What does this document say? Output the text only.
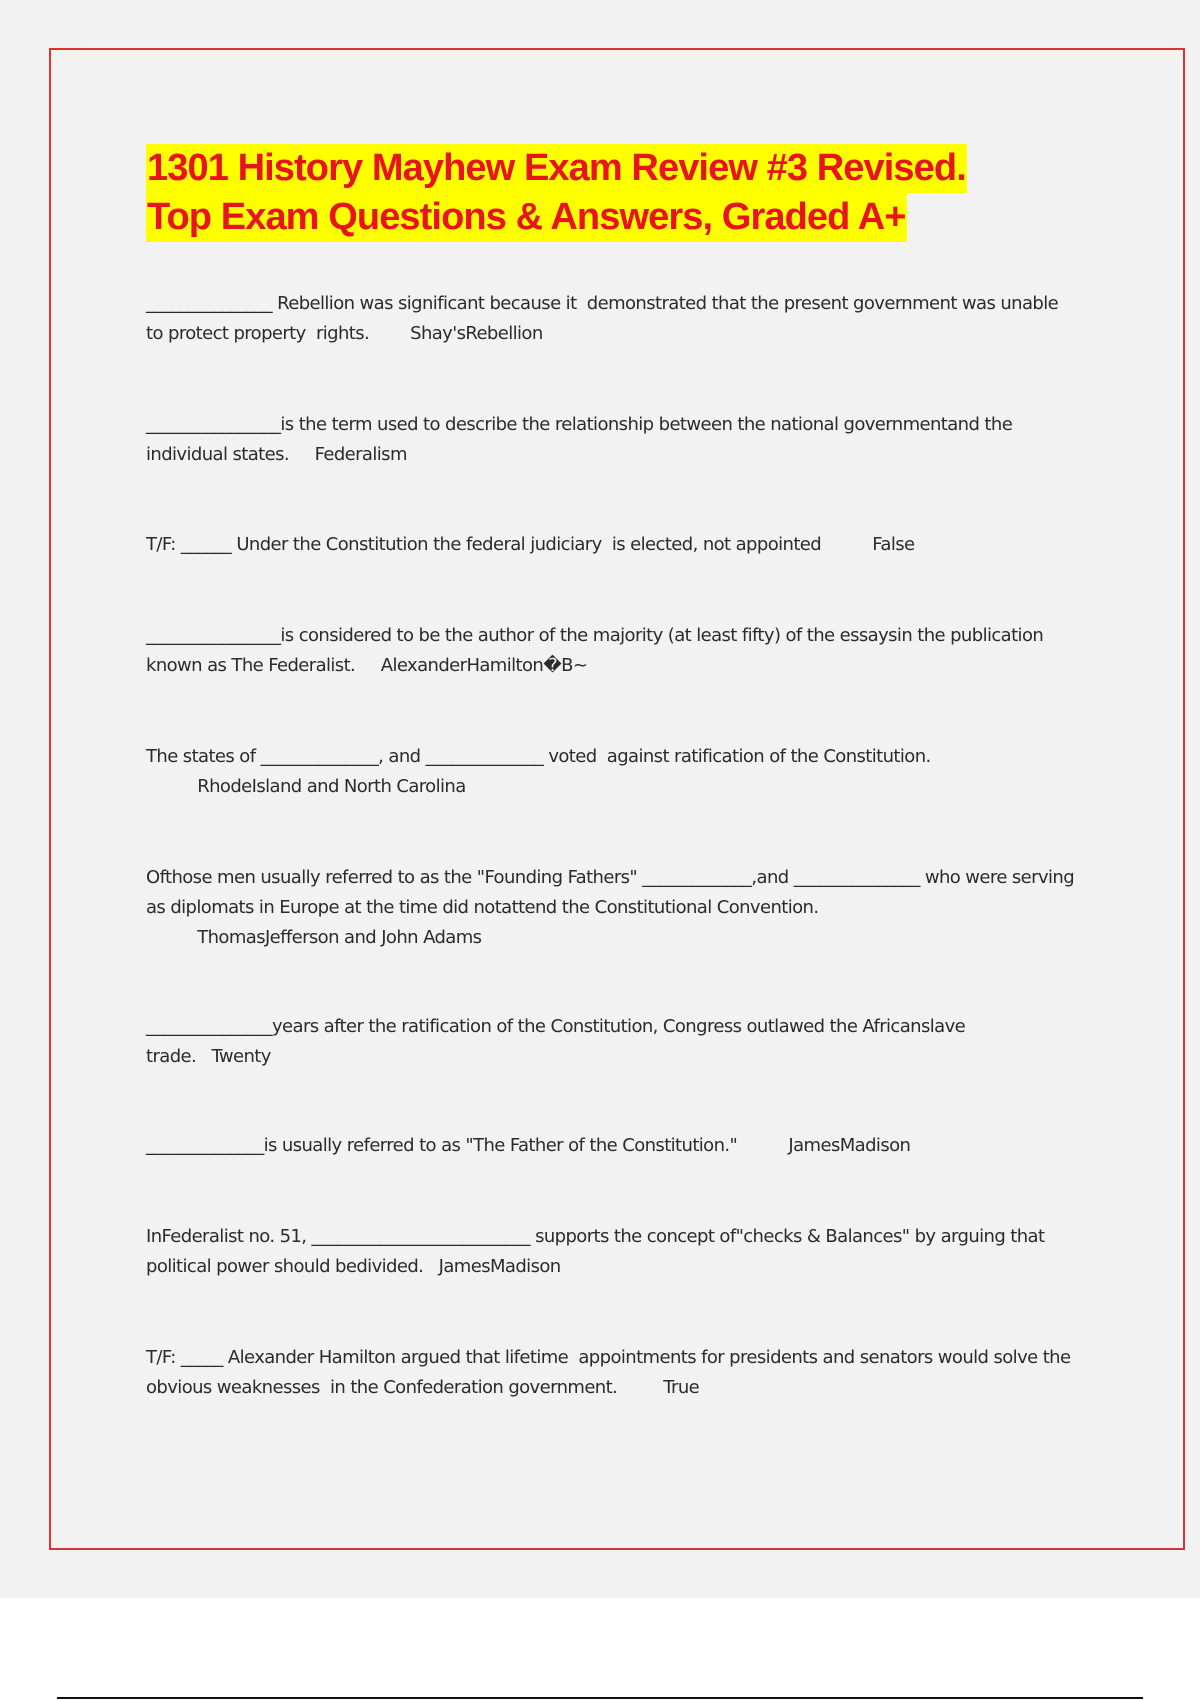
1301 History Mayhew Exam Review #3 Revised.
Top Exam Questions & Answers, Graded A+

_______________ Rebellion was significant because it  demonstrated that the present government was unable to protect property  rights.        Shay'sRebellion

________________is the term used to describe the relationship between the national governmentand the individual states.     Federalism

T/F: ______ Under the Constitution the federal judiciary  is elected, not appointed          False

________________is considered to be the author of the majority (at least fifty) of the essaysin the publication known as The Federalist.     AlexanderHamilton�B~

The states of ______________, and ______________ voted  against ratification of the Constitution.
RhodeIsland and North Carolina

Ofthose men usually referred to as the "Founding Fathers" _____________,and _______________ who were serving as diplomats in Europe at the time did notattend the Constitutional Convention.
ThomasJefferson and John Adams

_______________years after the ratification of the Constitution, Congress outlawed the Africanslave trade.   Twenty

______________is usually referred to as "The Father of the Constitution."          JamesMadison

InFederalist no. 51, __________________________ supports the concept of"checks & Balances" by arguing that political power should bedivided.   JamesMadison

T/F: _____ Alexander Hamilton argued that lifetime  appointments for presidents and senators would solve the obvious weaknesses  in the Confederation government.         True
